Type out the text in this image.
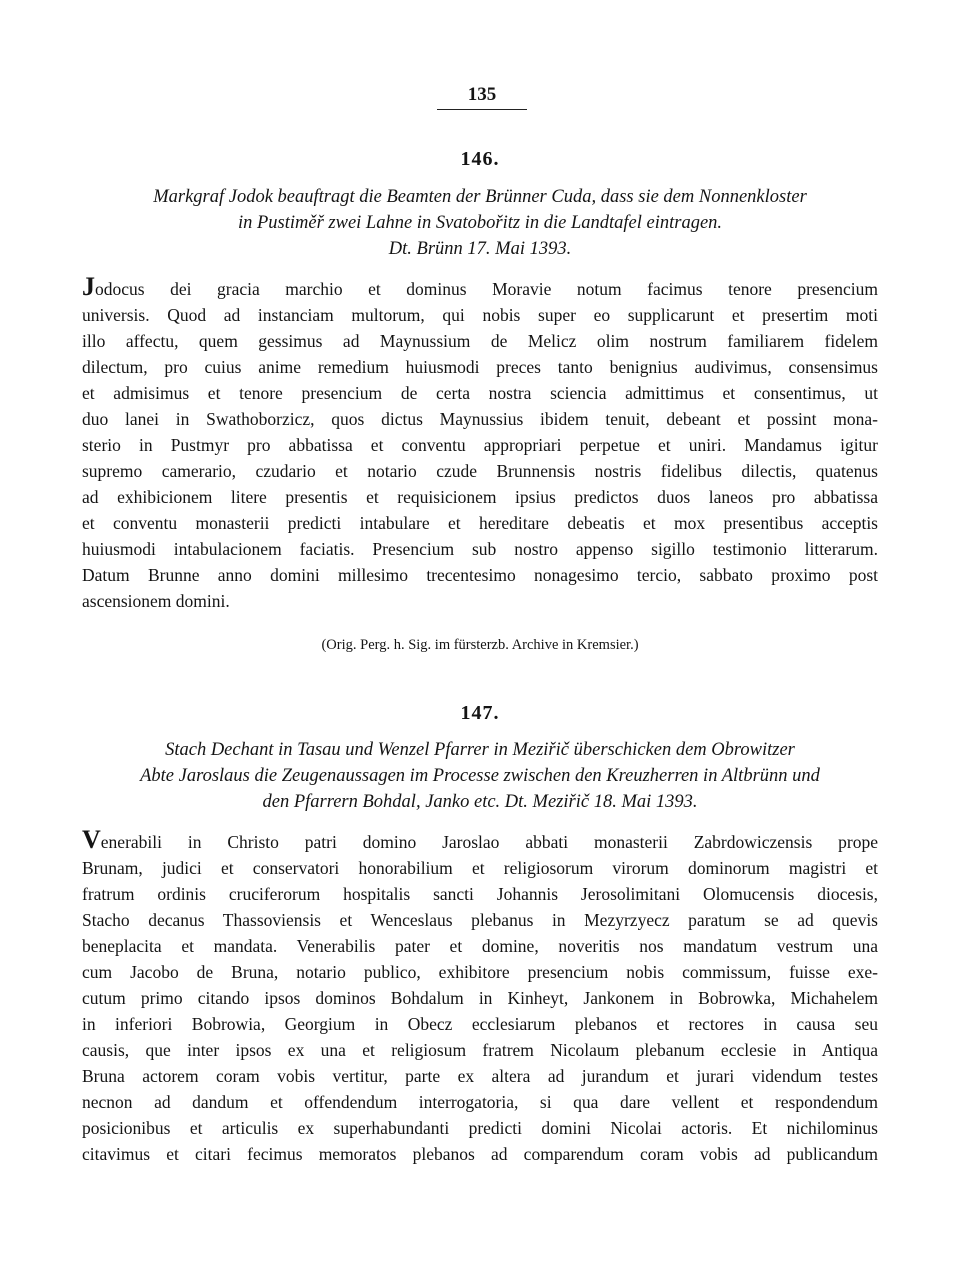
135
146.

Markgraf Jodok beauftragt die Beamten der Brünner Cuda, dass sie dem Nonnenkloster

in Pustiměř zwei Lahne in Svatobořitz in die Landtafel eintragen.

Dt. Brünn 17. Mai 1393.

Jodocus dei gracia marchio et dominus Moravie notum facimus tenore presencium
universis. Quod ad instanciam multorum, qui nobis super eo supplicarunt et presertim moti
illo affectu, quem gessimus ad Maynussium de Melicz olim nostrum familiarem fidelem
dilectum, pro cuius anime remedium huiusmodi preces tanto benignius audivimus, consensimus
et admisimus et tenore presencium de certa nostra sciencia admittimus et consentimus, ut
duo lanei in Swathoborzicz, quos dictus Maynussius ibidem tenuit, debeant et possint mona-
sterio in Pustmyr pro abbatissa et conventu appropriari perpetue et uniri. Mandamus igitur
supremo camerario, czudario et notario czude Brunnensis nostris fidelibus dilectis, quatenus
ad exhibicionem litere presentis et requisicionem ipsius predictos duos laneos pro abbatissa
et conventu monasterii predicti intabulare et hereditare debeatis et mox presentibus acceptis
huiusmodi intabulacionem faciatis. Presencium sub nostro appenso sigillo testimonio litterarum.
Datum Brunne anno domini millesimo trecentesimo nonagesimo tercio, sabbato proximo post
ascensionem domini.
(Orig. Perg. h. Sig. im fürsterzb. Archive in Kremsier.)
147.

Stach Dechant in Tasau und Wenzel Pfarrer in Meziřič überschicken dem Obrowitzer

Abte Jaroslaus die Zeugenaussagen im Processe zwischen den Kreuzherren in Altbrünn und

den Pfarrern Bohdal, Janko etc. Dt. Meziřič 18. Mai 1393.

Venerabili in Christo patri domino Jaroslao abbati monasterii Zabrdowiczensis prope
Brunam, judici et conservatori honorabilium et religiosorum virorum dominorum magistri et
fratrum ordinis cruciferorum hospitalis sancti Johannis Jerosolimitani Olomucensis diocesis,
Stacho decanus Thassoviensis et Wenceslaus plebanus in Mezyrzyecz paratum se ad quevis
beneplacita et mandata. Venerabilis pater et domine, noveritis nos mandatum vestrum una
cum Jacobo de Bruna, notario publico, exhibitore presencium nobis commissum, fuisse exe-
cutum primo citando ipsos dominos Bohdalum in Kinheyt, Jankonem in Bobrowka, Michahelem
in inferiori Bobrowia, Georgium in Obecz ecclesiarum plebanos et rectores in causa seu
causis, que inter ipsos ex una et religiosum fratrem Nicolaum plebanum ecclesie in Antiqua
Bruna actorem coram vobis vertitur, parte ex altera ad jurandum et jurari videndum testes
necnon ad dandum et offendendum interrogatoria, si qua dare vellent et respondendum
posicionibus et articulis ex superhabundanti predicti domini Nicolai actoris. Et nichilominus
citavimus et citari fecimus memoratos plebanos ad comparendum coram vobis ad publicandum
